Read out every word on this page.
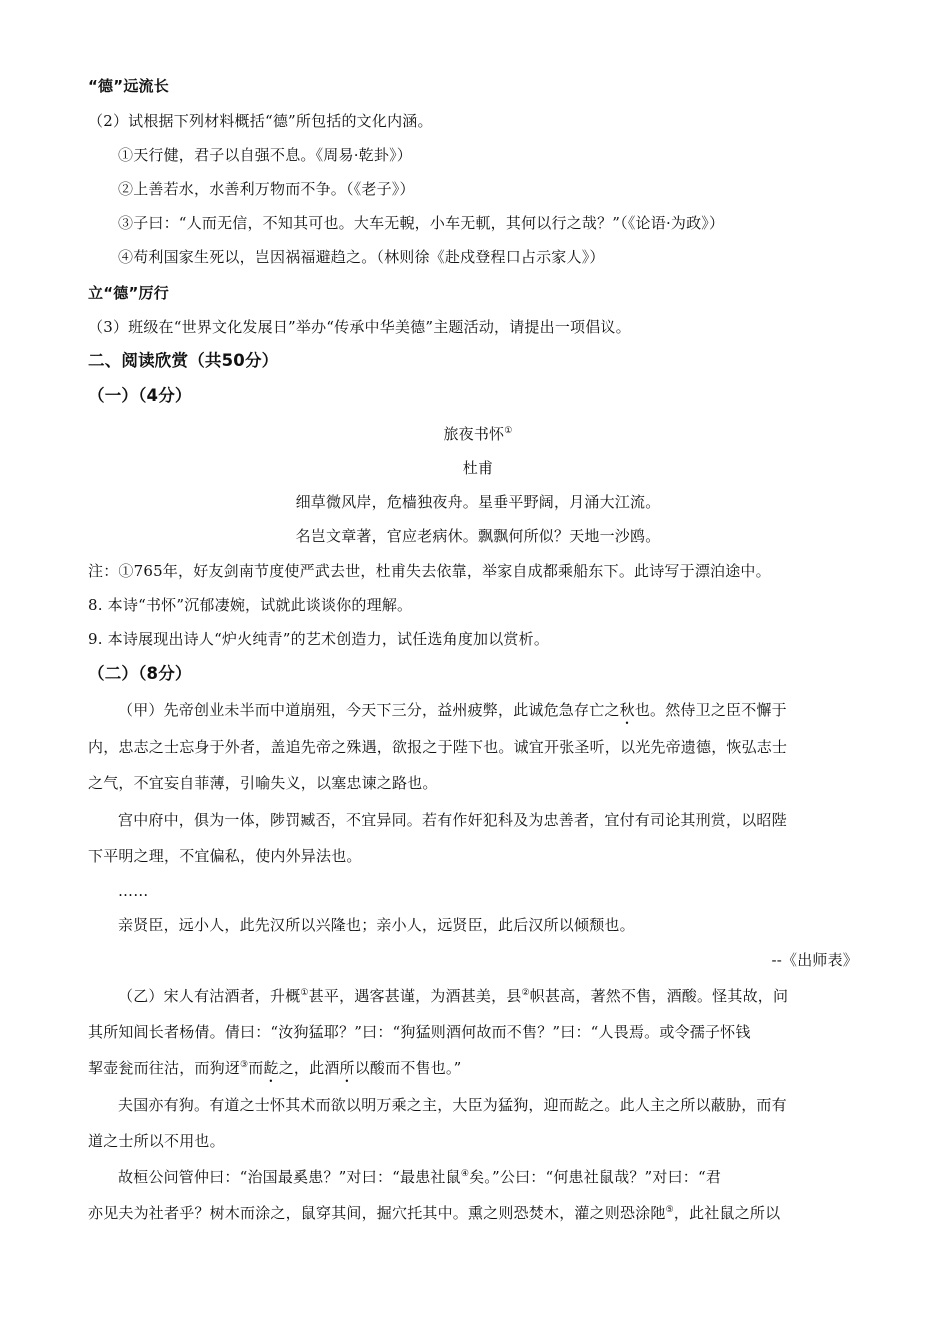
“德”远流长
（2）试根据下列材料概括“德”所包括的文化内涵。
①天行健，君子以自强不息。《周易·乾卦》）
②上善若水，水善利万物而不争。（《老子》）
③子曰：“人而无信，不知其可也。大车无輗，小车无軏，其何以行之哉？”（《论语·为政》）
④苟利国家生死以，岂因祸福避趋之。（林则徐《赴戍登程口占示家人》）
立“德”厉行
（3）班级在“世界文化发展日”举办“传承中华美德”主题活动，请提出一项倡议。
二、阅读欣赏（共50分）
（一）（4分）
旅夜书怀①
杜甫
细草微风岸，危樯独夜舟。星垂平野阔，月涌大江流。
名岂文章著，官应老病休。飘飘何所似？天地一沙鸥。
注：①765年，好友剑南节度使严武去世，杜甫失去依靠，举家自成都乘船东下。此诗写于漂泊途中。
8. 本诗“书怀”沉郁凄婉，试就此谈谈你的理解。
9. 本诗展现出诗人“炉火纯青”的艺术创造力，试任选角度加以赏析。
（二）（8分）
（甲）先帝创业未半而中道崩殂，今天下三分，益州疲弊，此诚危急存亡之秋也。然侍卫之臣不懈于
内，忠志之士忘身于外者，盖追先帝之殊遇，欲报之于陛下也。诚宜开张圣听，以光先帝遗德，恢弘志士
之气，不宜妄自菲薄，引喻失义，以塞忠谏之路也。
宫中府中，俱为一体，陟罚臧否，不宜异同。若有作奸犯科及为忠善者，宜付有司论其刑赏，以昭陛
下平明之理，不宜偏私，使内外异法也。
……
亲贤臣，远小人，此先汉所以兴隆也；亲小人，远贤臣，此后汉所以倾颓也。
--《出师表》
（乙）宋人有沽酒者，升概①甚平，遇客甚谨，为酒甚美，县②帜甚高，著然不售，酒酸。怪其故，问
其所知闾长者杨倩。倩曰：“汝狗猛耶？”曰：“狗猛则酒何故而不售？”曰：“人畏焉。或令孺子怀钱
挈壶瓮而往沽，而狗迓③而龁之，此酒所以酸而不售也。”
夫国亦有狗。有道之士怀其术而欲以明万乘之主，大臣为猛狗，迎而龁之。此人主之所以蔽胁，而有
道之士所以不用也。
故桓公问管仲曰：“治国最奚患？”对曰：“最患社鼠④矣。”公曰：“何患社鼠哉？”对曰：“君
亦见夫为社者乎？树木而涂之，鼠穿其间，掘穴托其中。熏之则恐焚木，灌之则恐涂阤⑤，此社鼠之所以
